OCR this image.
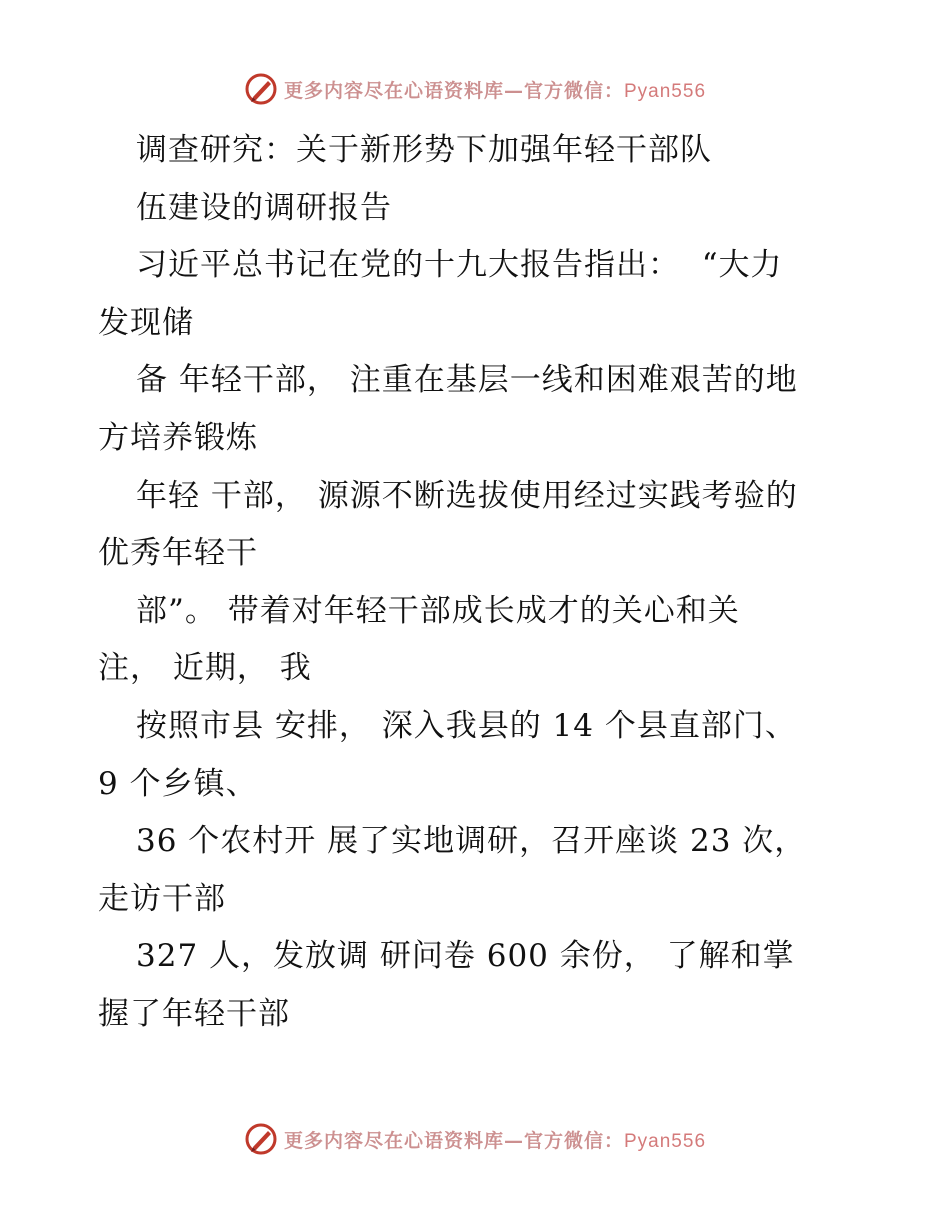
更多内容尽在心语资料库—官方微信：Pyan556
调查研究：关于新形势下加强年轻干部队
伍建设的调研报告
习近平总书记在党的十九大报告指出：  “大力
发现储
备 年轻干部， 注重在基层一线和困难艰苦的地
方培养锻炼
年轻 干部， 源源不断选拔使用经过实践考验的
优秀年轻干
部”。 带着对年轻干部成长成才的关心和关
注， 近期， 我
按照市县 安排， 深入我县的 14 个县直部门、
9 个乡镇、
36 个农村开 展了实地调研，召开座谈 23 次，
走访干部
327 人，发放调 研问卷 600 余份， 了解和掌
握了年轻干部
更多内容尽在心语资料库—官方微信：Pyan556
